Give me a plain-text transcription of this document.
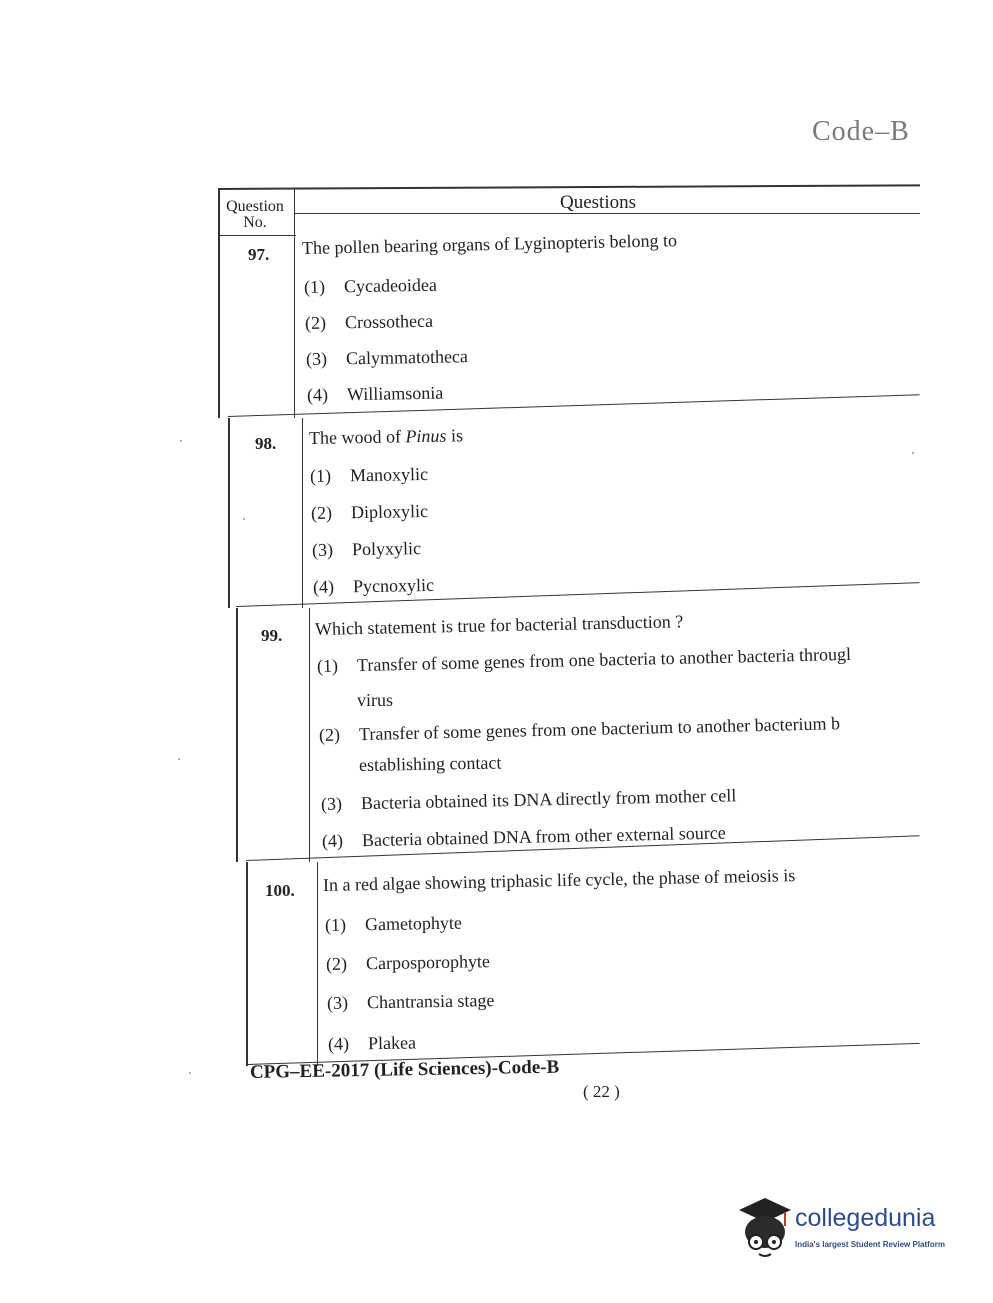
Code–B
Question No.
Questions
97. The pollen bearing organs of Lyginopteris belong to
(1) Cycadeoidea
(2) Crossotheca
(3) Calymmatotheca
(4) Williamsonia
98. The wood of Pinus is
(1) Manoxylic
(2) Diploxylic
(3) Polyxylic
(4) Pycnoxylic
99. Which statement is true for bacterial transduction ?
(1) Transfer of some genes from one bacteria to another bacteria througl
virus
(2) Transfer of some genes from one bacterium to another bacterium b
establishing contact
(3) Bacteria obtained its DNA directly from mother cell
(4) Bacteria obtained DNA from other external source
100. In a red algae showing triphasic life cycle, the phase of meiosis is
(1) Gametophyte
(2) Carposporophyte
(3) Chantransia stage
(4) Plakea
CPG–EE-2017 (Life Sciences)-Code-B
( 22 )
collegedunia
India's largest Student Review Platform
